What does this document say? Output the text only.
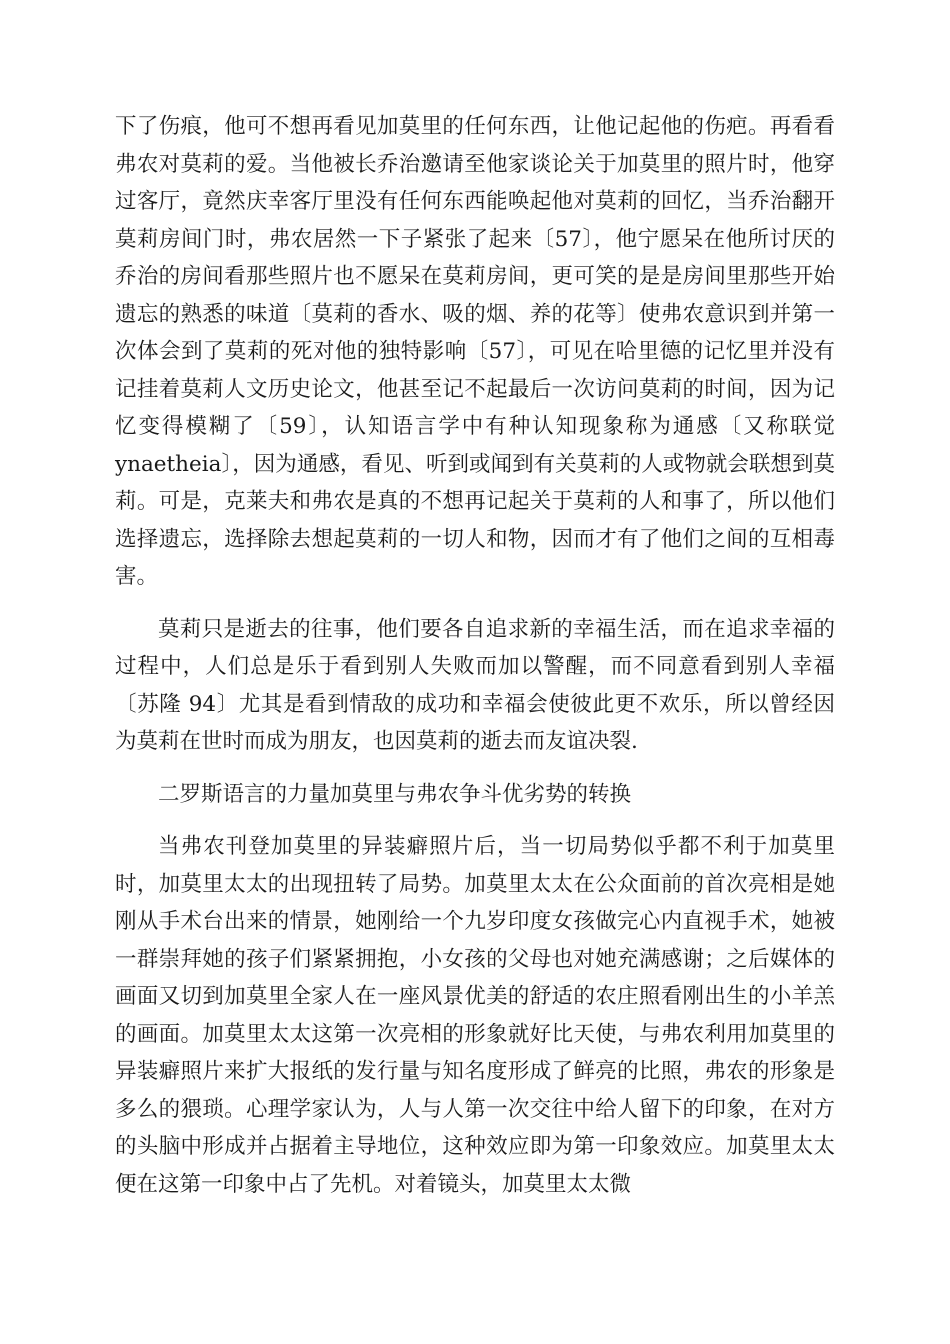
下了伤痕，他可不想再看见加莫里的任何东西，让他记起他的伤疤。再看看弗农对莫莉的爱。当他被长乔治邀请至他家谈论关于加莫里的照片时，他穿过客厅，竟然庆幸客厅里没有任何东西能唤起他对莫莉的回忆，当乔治翻开莫莉房间门时，弗农居然一下子紧张了起来〔57〕，他宁愿呆在他所讨厌的乔治的房间看那些照片也不愿呆在莫莉房间，更可笑的是是房间里那些开始遗忘的熟悉的味道〔莫莉的香水、吸的烟、养的花等〕使弗农意识到并第一次体会到了莫莉的死对他的独特影响〔57〕，可见在哈里德的记忆里并没有记挂着莫莉人文历史论文，他甚至记不起最后一次访问莫莉的时间，因为记忆变得模糊了〔59〕，认知语言学中有种认知现象称为通感〔又称联觉 ynaetheia〕，因为通感，看见、听到或闻到有关莫莉的人或物就会联想到莫莉。可是，克莱夫和弗农是真的不想再记起关于莫莉的人和事了，所以他们选择遗忘，选择除去想起莫莉的一切人和物，因而才有了他们之间的互相毒害。

莫莉只是逝去的往事，他们要各自追求新的幸福生活，而在追求幸福的过程中，人们总是乐于看到别人失败而加以警醒，而不同意看到别人幸福〔苏隆 94〕尤其是看到情敌的成功和幸福会使彼此更不欢乐，所以曾经因为莫莉在世时而成为朋友，也因莫莉的逝去而友谊决裂.

二罗斯语言的力量加莫里与弗农争斗优劣势的转换

当弗农刊登加莫里的异装癖照片后，当一切局势似乎都不利于加莫里时，加莫里太太的出现扭转了局势。加莫里太太在公众面前的首次亮相是她刚从手术台出来的情景，她刚给一个九岁印度女孩做完心内直视手术，她被一群崇拜她的孩子们紧紧拥抱，小女孩的父母也对她充满感谢；之后媒体的画面又切到加莫里全家人在一座风景优美的舒适的农庄照看刚出生的小羊羔的画面。加莫里太太这第一次亮相的形象就好比天使，与弗农利用加莫里的异装癖照片来扩大报纸的发行量与知名度形成了鲜亮的比照，弗农的形象是多么的猥琐。心理学家认为，人与人第一次交往中给人留下的印象，在对方的头脑中形成并占据着主导地位，这种效应即为第一印象效应。加莫里太太便在这第一印象中占了先机。对着镜头，加莫里太太微
